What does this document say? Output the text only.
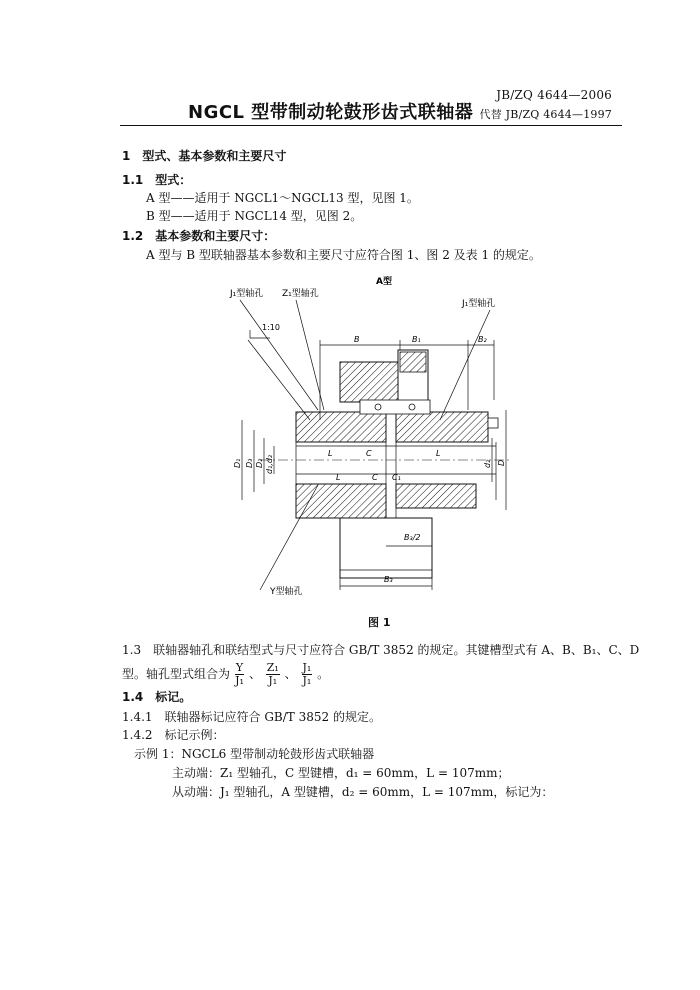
JB/ZQ 4644—2006
代替 JB/ZQ 4644—1997
NGCL 型带制动轮鼓形齿式联轴器
1　型式、基本参数和主要尺寸
1.1　型式：
A 型——适用于 NGCL1～NGCL13 型，见图 1。
B 型——适用于 NGCL14 型，见图 2。
1.2　基本参数和主要尺寸：
A 型与 B 型联轴器基本参数和主要尺寸应符合图 1、图 2 及表 1 的规定。
A型
J₁型轴孔 Z₁型轴孔
J₁型轴孔
1:10
B	B₁	B₂
L	L
C
L	C C₁
D₁ D₃ D₂ d₁,d₂	d₂ D
B₃/2
B₃
Y型轴孔
图 1
1.3　联轴器轴孔和联结型式与尺寸应符合 GB/T 3852 的规定。其键槽型式有 A、B、B₁、C、D
型。轴孔型式组合为 $\frac{Y}{\text{J₁}}$ 、 $\frac{\text{Z₁}}{\text{J₁}}$ 、 $\frac{\text{J₁}}{\text{J₁}}$ 。
1.4　标记。
1.4.1　联轴器标记应符合 GB/T 3852 的规定。
1.4.2　标记示例：
示例 1：NGCL6 型带制动轮鼓形齿式联轴器
主动端：Z₁ 型轴孔，C 型键槽，d₁ = 60mm，L = 107mm；
从动端：J₁ 型轴孔，A 型键槽，d₂ = 60mm，L = 107mm，标记为：
